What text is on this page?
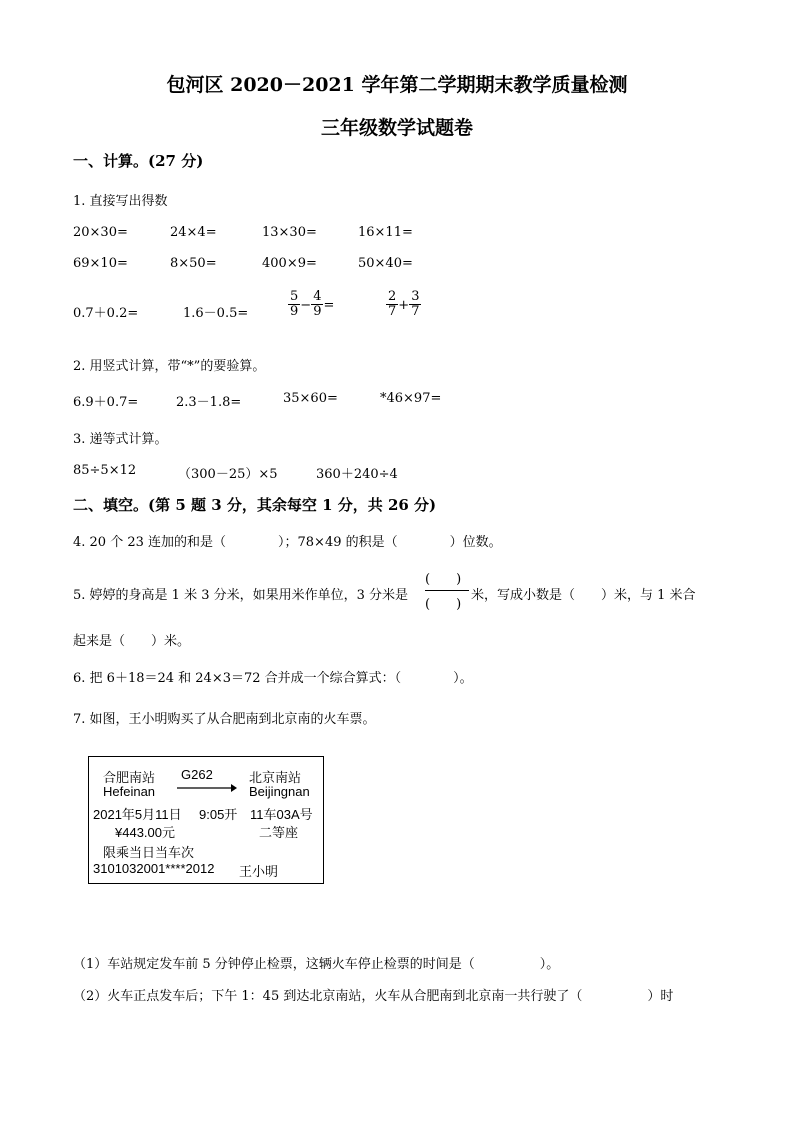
包河区 2020－2021 学年第二学期期末教学质量检测
三年级数学试题卷
一、计算。(27 分)
1. 直接写出得数
20×30=	24×4=	13×30=	16×11=
69×10=	8×50=	400×9=	50×40=
0.7＋0.2=	1.6－0.5=	$\frac{5}{9} - \frac{4}{9}$ =	$\frac{2}{7} + \frac{3}{7}$
2. 用竖式计算，带“*”的要验算。
6.9＋0.7=	2.3－1.8=	35×60=	*46×97=
3. 递等式计算。
85÷5×12	（300－25）×5	360＋240÷4
二、填空。(第 5 题 3 分，其余每空 1 分，共 26 分)
4. 20 个 23 连加的和是（　　　　）；78×49 的积是（　　　　）位数。
5. 婷婷的身高是 1 米 3 分米，如果用米作单位，3 分米是
(　　)
(　　)
米，写成小数是（　　）米，与 1 米合
起来是（　　）米。
6. 把 6＋18＝24 和 24×3＝72 合并成一个综合算式：（　　　　）。
7. 如图，王小明购买了从合肥南到北京南的火车票。
合肥南站
Hefeinan
G262	北京南站
Beijingnan
2021年5月11日 9:05开 11车03A号
¥443.00元	二等座
限乘当日当车次
3101032001****2012 王小明
（1）车站规定发车前 5 分钟停止检票，这辆火车停止检票的时间是（　　　　　）。
（2）火车正点发车后；下午 1：45 到达北京南站，火车从合肥南到北京南一共行驶了（　　　　　）时
